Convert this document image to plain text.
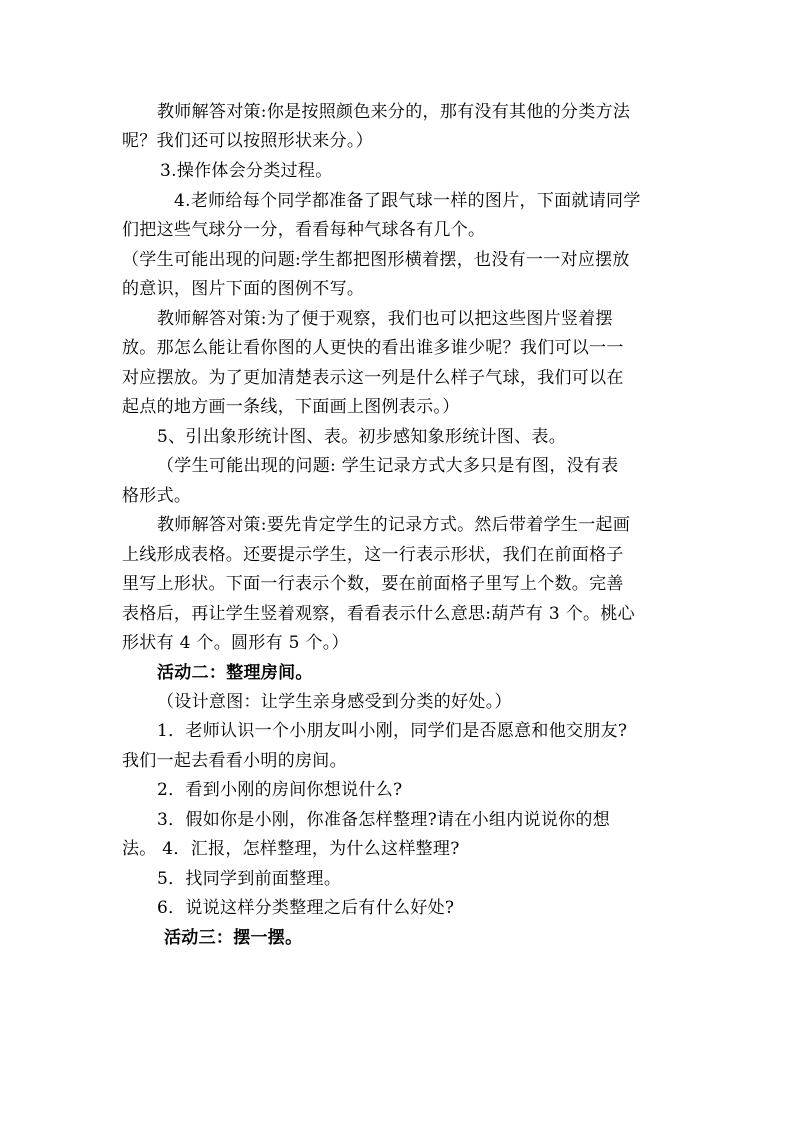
教师解答对策:你是按照颜色来分的，那有没有其他的分类方法
呢？我们还可以按照形状来分。）
3.操作体会分类过程。
4.老师给每个同学都准备了跟气球一样的图片，下面就请同学
们把这些气球分一分，看看每种气球各有几个。
（学生可能出现的问题:学生都把图形横着摆，也没有一一对应摆放
的意识，图片下面的图例不写。
教师解答对策:为了便于观察，我们也可以把这些图片竖着摆
放。那怎么能让看你图的人更快的看出谁多谁少呢？我们可以一一
对应摆放。为了更加清楚表示这一列是什么样子气球，我们可以在
起点的地方画一条线，下面画上图例表示。）
5、引出象形统计图、表。初步感知象形统计图、表。
（学生可能出现的问题: 学生记录方式大多只是有图，没有表
格形式。
教师解答对策:要先肯定学生的记录方式。然后带着学生一起画
上线形成表格。还要提示学生，这一行表示形状，我们在前面格子
里写上形状。下面一行表示个数，要在前面格子里写上个数。完善
表格后，再让学生竖着观察，看看表示什么意思:葫芦有 3 个。桃心
形状有 4 个。圆形有 5 个。）
活动二：整理房间。
（设计意图：让学生亲身感受到分类的好处。）
1．老师认识一个小朋友叫小刚，同学们是否愿意和他交朋友?
我们一起去看看小明的房间。
2．看到小刚的房间你想说什么?
3．假如你是小刚，你准备怎样整理?请在小组内说说你的想
法。 4．汇报，怎样整理，为什么这样整理?
5．找同学到前面整理。
6．说说这样分类整理之后有什么好处?
活动三：摆一摆。
